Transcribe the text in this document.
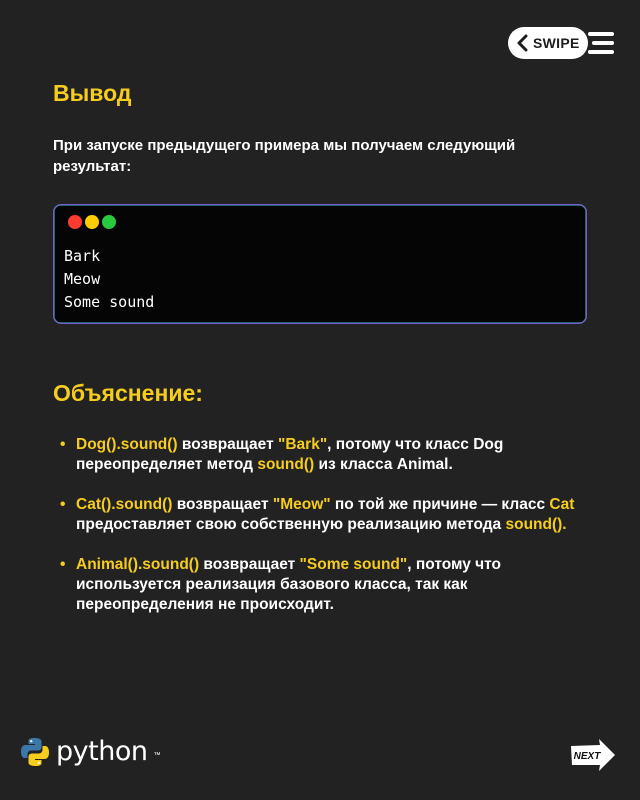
SWIPE
Вывод

При запуске предыдущего примера мы получаем следующий результат:

Bark
Meow
Some sound
Объяснение:
• Dog().sound() возвращает "Bark", потому что класс Dog переопределяет метод sound() из класса Animal.
• Cat().sound() возвращает "Meow" по той же причине — класс Cat предоставляет свою собственную реализацию метода sound().
• Animal().sound() возвращает "Some sound", потому что используется реализация базового класса, так как переопределения не происходит.
python ™	NEXT
